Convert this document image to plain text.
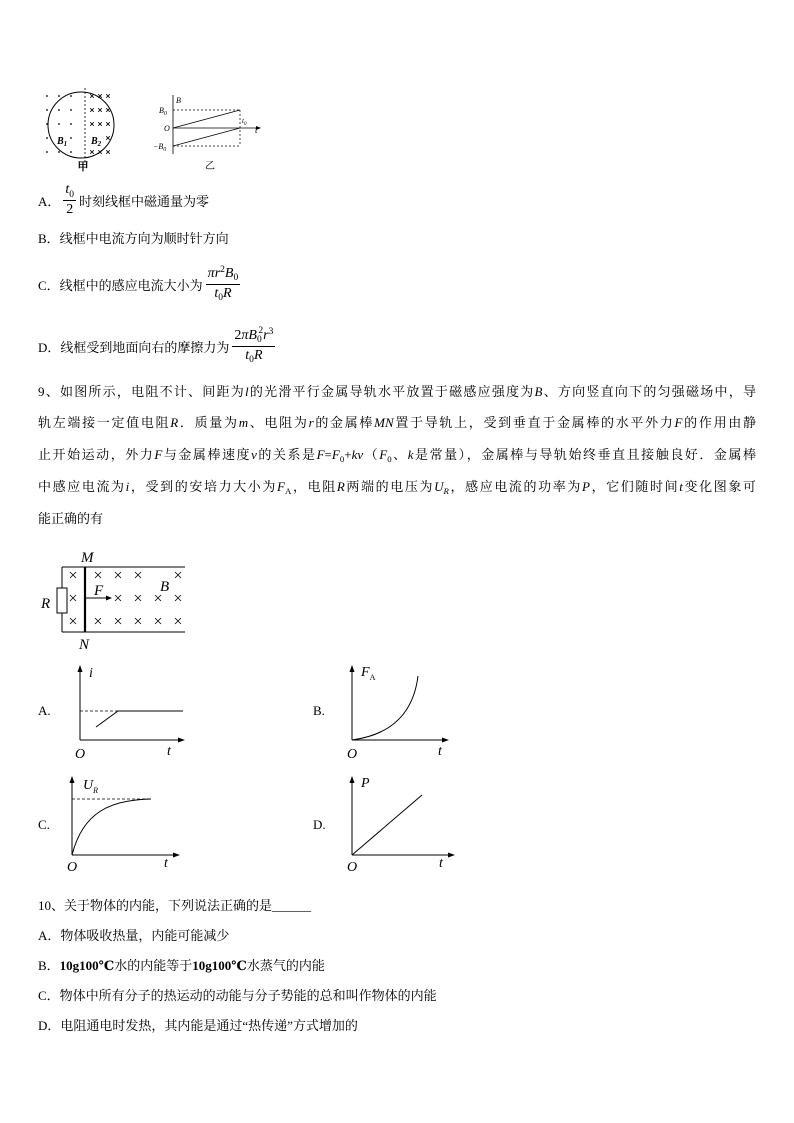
$B_1$ $B_2$
甲
B
$B_0$
O
$-B_0$
$t_0$
t
乙
A． $\frac{t_0}{2}$ 时刻线框中磁通量为零
B．线框中电流方向为顺时针方向
C．线框中的感应电流大小为 $\frac{\pi r^2B_0}{t_0R}$
D．线框受到地面向右的摩擦力为 $\frac{2\pi B_0^2r^3}{t_0R}$
9、如图所示，电阻不计、间距为l的光滑平行金属导轨水平放置于磁感应强度为B、方向竖直向下的匀强磁场中，导
轨左端接一定值电阻R．质量为m、电阻为r的金属棒MN置于导轨上，受到垂直于金属棒的水平外力F的作用由静
止开始运动，外力F与金属棒速度v的关系是$F=F_0+kv(F_0$、k是常量），金属棒与导轨始终垂直且接触良好．金属棒
中感应电流为i，受到的安培力大小为$F_A$，电阻R两端的电压为$U_R$，感应电流的功率为P，它们随时间t变化图象可
能正确的有
M
N
R
F	B
A.
i
O	t
B.
$F_A$
O	t
C.
$U_R$
O	t
D.
P
O	t
10、关于物体的内能，下列说法正确的是______
A．物体吸收热量，内能可能减少
B．10g100℃水的内能等于10g100℃水蒸气的内能
C．物体中所有分子的热运动的动能与分子势能的总和叫作物体的内能
D．电阻通电时发热，其内能是通过“热传递”方式增加的
